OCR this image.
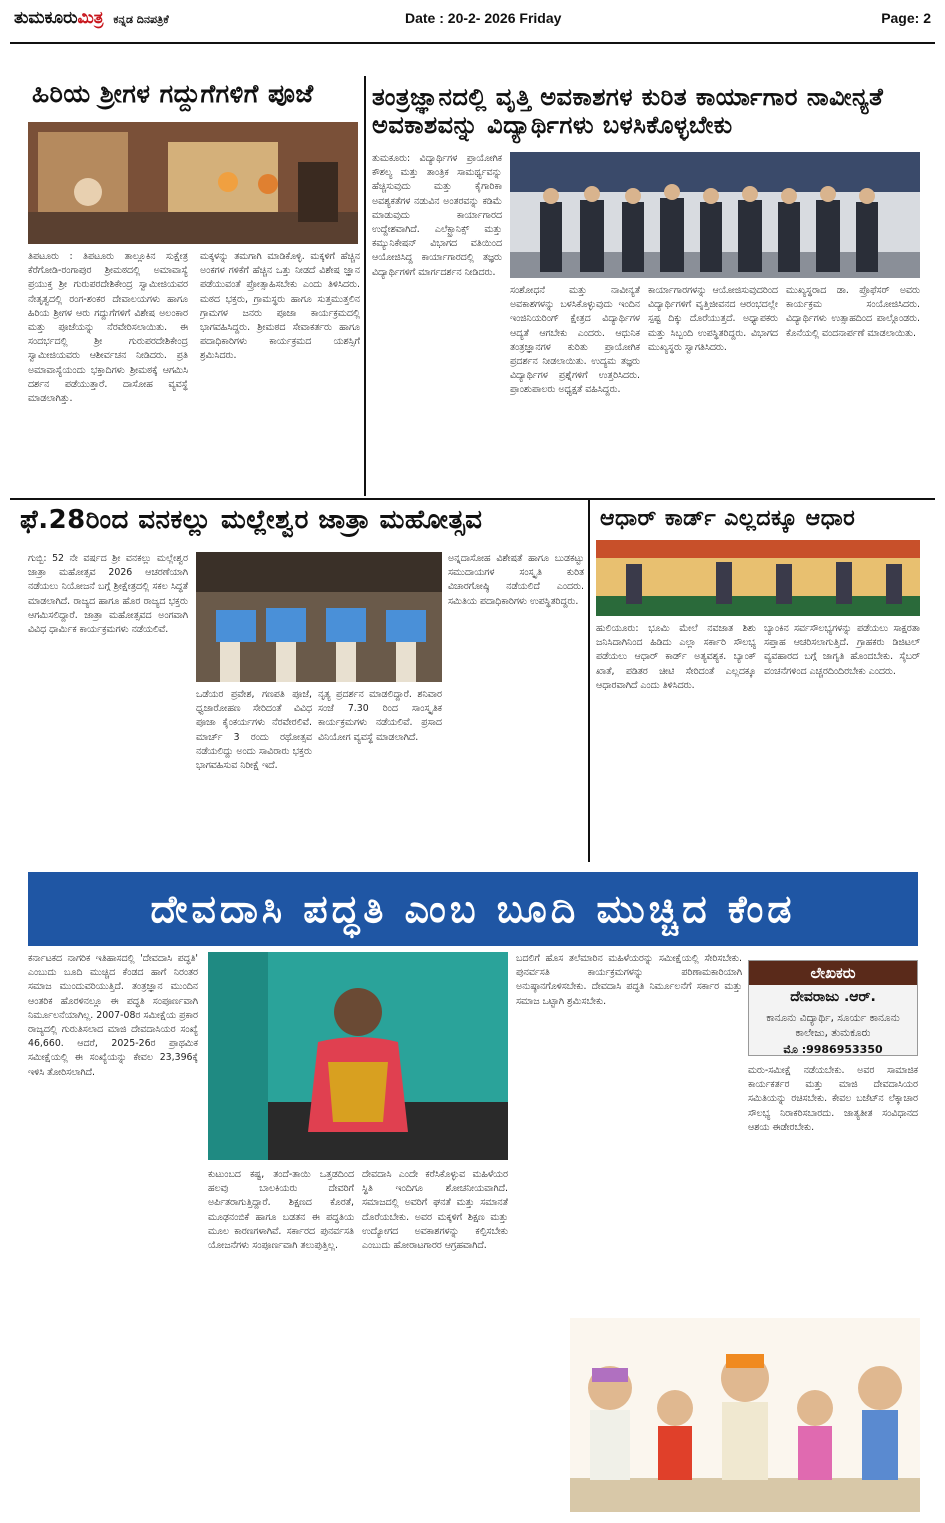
ತುಮಕೂರುಮಿತ್ರ ಕನ್ನಡ ದಿನಪತ್ರಿಕೆ	Date : 20-2- 2026 Friday	Page: 2
ಹಿರಿಯ ಶ್ರೀಗಳ ಗದ್ದುಗೆಗಳಿಗೆ ಪೂಜೆ
ತಿಪಟೂರು : ತಿಪಟೂರು ತಾಲ್ಲೂಕಿನ ಸುಕ್ಷೇತ್ರ ಕೆರೆಗೋಡಿ-ರಂಗಾಪುರ ಶ್ರೀಮಠದಲ್ಲಿ ಅಮಾವಾಸ್ಯೆ ಪ್ರಯುಕ್ತ ಶ್ರೀ ಗುರುಪರದೇಶಿಕೇಂದ್ರ ಸ್ವಾಮೀಜಿಯವರ ನೇತೃತ್ವದಲ್ಲಿ ರಂಗ-ಶಂಕರ ದೇವಾಲಯಗಳು ಹಾಗೂ ಹಿರಿಯ ಶ್ರೀಗಳ ಆರು ಗದ್ದುಗೆಗಳಿಗೆ ವಿಶೇಷ ಅಲಂಕಾರ ಮತ್ತು ಪೂಜೆಯನ್ನು ನೆರವೇರಿಸಲಾಯಿತು. ಈ ಸಂದರ್ಭದಲ್ಲಿ ಶ್ರೀ ಗುರುಪರದೇಶಿಕೇಂದ್ರ ಸ್ವಾಮೀಜಿಯವರು ಆಶೀರ್ವಚನ ನೀಡಿದರು. ಪ್ರತಿ ಅಮಾವಾಸ್ಯೆಯಂದು ಭಕ್ತಾದಿಗಳು ಶ್ರೀಮಠಕ್ಕೆ ಆಗಮಿಸಿ ದರ್ಶನ ಪಡೆಯುತ್ತಾರೆ. ದಾಸೋಹ ವ್ಯವಸ್ಥೆ ಮಾಡಲಾಗಿತ್ತು.
ಮಕ್ಕಳನ್ನು ತಮಗಾಗಿ ಮಾಡಿಕೊಳ್ಳಿ. ಮಕ್ಕಳಿಗೆ ಹೆಚ್ಚಿನ ಅಂಕಗಳ ಗಳಿಕೆಗೆ ಹೆಚ್ಚಿನ ಒತ್ತು ನೀಡದೆ ವಿಶೇಷ ಜ್ಞಾನ ಪಡೆಯುವಂತೆ ಪ್ರೋತ್ಸಾಹಿಸಬೇಕು ಎಂದು ತಿಳಿಸಿದರು. ಮಠದ ಭಕ್ತರು, ಗ್ರಾಮಸ್ಥರು ಹಾಗೂ ಸುತ್ತಮುತ್ತಲಿನ ಗ್ರಾಮಗಳ ಜನರು ಪೂಜಾ ಕಾರ್ಯಕ್ರಮದಲ್ಲಿ ಭಾಗವಹಿಸಿದ್ದರು. ಶ್ರೀಮಠದ ಸೇವಾಕರ್ತರು ಹಾಗೂ ಪದಾಧಿಕಾರಿಗಳು ಕಾರ್ಯಕ್ರಮದ ಯಶಸ್ಸಿಗೆ ಶ್ರಮಿಸಿದರು.
ತಂತ್ರಜ್ಞಾನದಲ್ಲಿ ವೃತ್ತಿ ಅವಕಾಶಗಳ ಕುರಿತ ಕಾರ್ಯಾಗಾರ ನಾವೀನ್ಯತೆ ಅವಕಾಶವನ್ನು ವಿದ್ಯಾರ್ಥಿಗಳು ಬಳಸಿಕೊಳ್ಳಬೇಕು
ತುಮಕೂರು: ವಿದ್ಯಾರ್ಥಿಗಳ ಪ್ರಾಯೋಗಿಕ ಕೌಶಲ್ಯ ಮತ್ತು ತಾಂತ್ರಿಕ ಸಾಮರ್ಥ್ಯವನ್ನು ಹೆಚ್ಚಿಸುವುದು ಮತ್ತು ಕೈಗಾರಿಕಾ ಅವಶ್ಯಕತೆಗಳ ನಡುವಿನ ಅಂತರವನ್ನು ಕಡಿಮೆ ಮಾಡುವುದು ಕಾರ್ಯಾಗಾರದ ಉದ್ದೇಶವಾಗಿದೆ. ಎಲೆಕ್ಟ್ರಾನಿಕ್ಸ್ ಮತ್ತು ಕಮ್ಯುನಿಕೇಷನ್ ವಿಭಾಗದ ವತಿಯಿಂದ ಆಯೋಜಿಸಿದ್ದ ಕಾರ್ಯಾಗಾರದಲ್ಲಿ ತಜ್ಞರು ವಿದ್ಯಾರ್ಥಿಗಳಿಗೆ ಮಾರ್ಗದರ್ಶನ ನೀಡಿದರು.
ಸಂಶೋಧನೆ ಮತ್ತು ನಾವೀನ್ಯತೆ ಅವಕಾಶಗಳನ್ನು ಬಳಸಿಕೊಳ್ಳುವುದು ಇಂದಿನ ಇಂಜಿನಿಯರಿಂಗ್ ಕ್ಷೇತ್ರದ ವಿದ್ಯಾರ್ಥಿಗಳ ಆದ್ಯತೆ ಆಗಬೇಕು ಎಂದರು. ಆಧುನಿಕ ತಂತ್ರಜ್ಞಾನಗಳ ಕುರಿತು ಪ್ರಾಯೋಗಿಕ ಪ್ರದರ್ಶನ ನೀಡಲಾಯಿತು. ಉದ್ಯಮ ತಜ್ಞರು ವಿದ್ಯಾರ್ಥಿಗಳ ಪ್ರಶ್ನೆಗಳಿಗೆ ಉತ್ತರಿಸಿದರು. ಪ್ರಾಂಶುಪಾಲರು ಅಧ್ಯಕ್ಷತೆ ವಹಿಸಿದ್ದರು.
ಕಾರ್ಯಾಗಾರಗಳನ್ನು ಆಯೋಜಿಸುವುದರಿಂದ ವಿದ್ಯಾರ್ಥಿಗಳಿಗೆ ವೃತ್ತಿಜೀವನದ ಆರಂಭದಲ್ಲೇ ಸ್ಪಷ್ಟ ದಿಕ್ಕು ದೊರೆಯುತ್ತದೆ. ಅಧ್ಯಾಪಕರು ಮತ್ತು ಸಿಬ್ಬಂದಿ ಉಪಸ್ಥಿತರಿದ್ದರು. ವಿಭಾಗದ ಮುಖ್ಯಸ್ಥರು ಸ್ವಾಗತಿಸಿದರು.
ಮುಖ್ಯಸ್ಥರಾದ ಡಾ. ಪ್ರೊಫೆಸರ್ ಅವರು ಕಾರ್ಯಕ್ರಮ ಸಂಯೋಜಿಸಿದರು. ವಿದ್ಯಾರ್ಥಿಗಳು ಉತ್ಸಾಹದಿಂದ ಪಾಲ್ಗೊಂಡರು. ಕೊನೆಯಲ್ಲಿ ವಂದನಾರ್ಪಣೆ ಮಾಡಲಾಯಿತು.
ಫೆ.28ರಿಂದ ವನಕಲ್ಲು ಮಲ್ಲೇಶ್ವರ ಜಾತ್ರಾ ಮಹೋತ್ಸವ
ಗುಬ್ಬಿ: 52 ನೇ ವರ್ಷದ ಶ್ರೀ ವನಕಲ್ಲು ಮಲ್ಲೇಶ್ವರ ಜಾತ್ರಾ ಮಹೋತ್ಸವ 2026 ಆಚರಣೆಯಾಗಿ ನಡೆಯಲು ನಿಯೋಜನೆ ಬಗ್ಗೆ ಶ್ರೀಕ್ಷೇತ್ರದಲ್ಲಿ ಸಕಲ ಸಿದ್ಧತೆ ಮಾಡಲಾಗಿದೆ. ರಾಜ್ಯದ ಹಾಗೂ ಹೊರ ರಾಜ್ಯದ ಭಕ್ತರು ಆಗಮಿಸಲಿದ್ದಾರೆ. ಜಾತ್ರಾ ಮಹೋತ್ಸವದ ಅಂಗವಾಗಿ ವಿವಿಧ ಧಾರ್ಮಿಕ ಕಾರ್ಯಕ್ರಮಗಳು ನಡೆಯಲಿವೆ.
ಒಡೆಯರ ಪ್ರವೇಶ, ಗಣಪತಿ ಪೂಜೆ, ಧ್ವಜಾರೋಹಣ ಸೇರಿದಂತೆ ವಿವಿಧ ಪೂಜಾ ಕೈಂಕರ್ಯಗಳು ನೆರವೇರಲಿವೆ. ಮಾರ್ಚ್ 3 ರಂದು ರಥೋತ್ಸವ ನಡೆಯಲಿದ್ದು ಅಂದು ಸಾವಿರಾರು ಭಕ್ತರು ಭಾಗವಹಿಸುವ ನಿರೀಕ್ಷೆ ಇದೆ.
ನೃತ್ಯ ಪ್ರದರ್ಶನ ಮಾಡಲಿದ್ದಾರೆ. ಶನಿವಾರ ಸಂಜೆ 7.30 ರಿಂದ ಸಾಂಸ್ಕೃತಿಕ ಕಾರ್ಯಕ್ರಮಗಳು ನಡೆಯಲಿವೆ. ಪ್ರಸಾದ ವಿನಿಯೋಗ ವ್ಯವಸ್ಥೆ ಮಾಡಲಾಗಿದೆ.
ಅನ್ನದಾಸೋಹ ವಿಶೇಷತೆ ಹಾಗೂ ಬುಡಕಟ್ಟು ಸಮುದಾಯಗಳ ಸಂಸ್ಕೃತಿ ಕುರಿತ ವಿಚಾರಗೋಷ್ಠಿ ನಡೆಯಲಿದೆ ಎಂದರು. ಸಮಿತಿಯ ಪದಾಧಿಕಾರಿಗಳು ಉಪಸ್ಥಿತರಿದ್ದರು.
ಆಧಾರ್ ಕಾರ್ಡ್ ಎಲ್ಲದಕ್ಕೂ ಆಧಾರ
ಹುಲಿಯೂರು: ಭೂಮಿ ಮೇಲೆ ನವಜಾತ ಶಿಶು ಜನಿಸಿದಾಗಿನಿಂದ ಹಿಡಿದು ಎಲ್ಲಾ ಸರ್ಕಾರಿ ಸೌಲಭ್ಯ ಪಡೆಯಲು ಆಧಾರ್ ಕಾರ್ಡ್ ಅತ್ಯವಶ್ಯಕ. ಬ್ಯಾಂಕ್ ಖಾತೆ, ಪಡಿತರ ಚೀಟಿ ಸೇರಿದಂತೆ ಎಲ್ಲದಕ್ಕೂ ಆಧಾರವಾಗಿದೆ ಎಂದು ತಿಳಿಸಿದರು.
ಬ್ಯಾಂಕಿನ ಸರ್ವಸೌಲಭ್ಯಗಳನ್ನು ಪಡೆಯಲು ಸಾಕ್ಷರತಾ ಸಪ್ತಾಹ ಆಚರಿಸಲಾಗುತ್ತಿದೆ. ಗ್ರಾಹಕರು ಡಿಜಿಟಲ್ ವ್ಯವಹಾರದ ಬಗ್ಗೆ ಜಾಗೃತಿ ಹೊಂದಬೇಕು. ಸೈಬರ್ ವಂಚನೆಗಳಿಂದ ಎಚ್ಚರದಿಂದಿರಬೇಕು ಎಂದರು.
ದೇವದಾಸಿ ಪದ್ಧತಿ ಎಂಬ ಬೂದಿ ಮುಚ್ಚಿದ ಕೆಂಡ
ಕರ್ನಾಟಕದ ನಾಗರಿಕ ಇತಿಹಾಸದಲ್ಲಿ 'ದೇವದಾಸಿ ಪದ್ಧತಿ' ಎಂಬುದು ಬೂದಿ ಮುಚ್ಚಿದ ಕೆಂಡದ ಹಾಗೆ ನಿರಂತರ ಸಮಾಜ ಮುಂದುವರಿಯುತ್ತಿದೆ. ತಂತ್ರಜ್ಞಾನ ಮುಂದಿನ ಆಂತರಿಕ ಹೊರಳಿನಲ್ಲೂ ಈ ಪದ್ಧತಿ ಸಂಪೂರ್ಣವಾಗಿ ನಿರ್ಮೂಲನೆಯಾಗಿಲ್ಲ. 2007-08ರ ಸಮೀಕ್ಷೆಯ ಪ್ರಕಾರ ರಾಜ್ಯದಲ್ಲಿ ಗುರುತಿಸಲಾದ ಮಾಜಿ ದೇವದಾಸಿಯರ ಸಂಖ್ಯೆ 46,660. ಆದರೆ, 2025-26ರ ಪ್ರಾಥಮಿಕ ಸಮೀಕ್ಷೆಯಲ್ಲಿ ಈ ಸಂಖ್ಯೆಯನ್ನು ಕೇವಲ 23,396ಕ್ಕೆ ಇಳಿಸಿ ತೋರಿಸಲಾಗಿದೆ.
ಕುಟುಂಬದ ಕಷ್ಟ, ತಂದೆ-ತಾಯಿ ಒತ್ತಡದಿಂದ ಹಲವು ಬಾಲಕಿಯರು ದೇವರಿಗೆ ಅರ್ಪಿತರಾಗುತ್ತಿದ್ದಾರೆ. ಶಿಕ್ಷಣದ ಕೊರತೆ, ಮೂಢನಂಬಿಕೆ ಹಾಗೂ ಬಡತನ ಈ ಪದ್ಧತಿಯ ಮೂಲ ಕಾರಣಗಳಾಗಿವೆ. ಸರ್ಕಾರದ ಪುನರ್ವಸತಿ ಯೋಜನೆಗಳು ಸಂಪೂರ್ಣವಾಗಿ ತಲುಪುತ್ತಿಲ್ಲ.
ದೇವದಾಸಿ ಎಂದೇ ಕರೆಸಿಕೊಳ್ಳುವ ಮಹಿಳೆಯರ ಸ್ಥಿತಿ ಇಂದಿಗೂ ಶೋಚನೀಯವಾಗಿದೆ. ಸಮಾಜದಲ್ಲಿ ಅವರಿಗೆ ಘನತೆ ಮತ್ತು ಸಮಾನತೆ ದೊರೆಯಬೇಕು. ಅವರ ಮಕ್ಕಳಿಗೆ ಶಿಕ್ಷಣ ಮತ್ತು ಉದ್ಯೋಗದ ಅವಕಾಶಗಳನ್ನು ಕಲ್ಪಿಸಬೇಕು ಎಂಬುದು ಹೋರಾಟಗಾರರ ಆಗ್ರಹವಾಗಿದೆ.
ಬದಲಿಗೆ ಹೊಸ ತಲೆಮಾರಿನ ಮಹಿಳೆಯರನ್ನು ಸಮೀಕ್ಷೆಯಲ್ಲಿ ಸೇರಿಸಬೇಕು. ಪುನರ್ವಸತಿ ಕಾರ್ಯಕ್ರಮಗಳನ್ನು ಪರಿಣಾಮಕಾರಿಯಾಗಿ ಅನುಷ್ಠಾನಗೊಳಿಸಬೇಕು. ದೇವದಾಸಿ ಪದ್ಧತಿ ನಿರ್ಮೂಲನೆಗೆ ಸರ್ಕಾರ ಮತ್ತು ಸಮಾಜ ಒಟ್ಟಾಗಿ ಶ್ರಮಿಸಬೇಕು.
ಲೇಖಕರು
ದೇವರಾಜು .ಆರ್.
ಕಾನೂನು ವಿದ್ಯಾರ್ಥಿ, ಸೂರ್ಯ ಕಾನೂನು ಕಾಲೇಜು, ತುಮಕೂರು
ಮೊ :9986953350
ಮರು-ಸಮೀಕ್ಷೆ ನಡೆಯಬೇಕು. ಅವರ ಸಾಮಾಜಿಕ ಕಾರ್ಯಕರ್ತರ ಮತ್ತು ಮಾಜಿ ದೇವದಾಸಿಯರ ಸಮಿತಿಯನ್ನು ರಚಿಸಬೇಕು. ಕೇವಲ ಬಜೆಟ್‌ನ ಲೆಕ್ಕಾಚಾರ ಸೌಲಭ್ಯ ನಿರಾಕರಿಸಬಾರದು. ಜಾತ್ಯತೀತ ಸಂವಿಧಾನದ ಆಶಯ ಈಡೇರಬೇಕು.
